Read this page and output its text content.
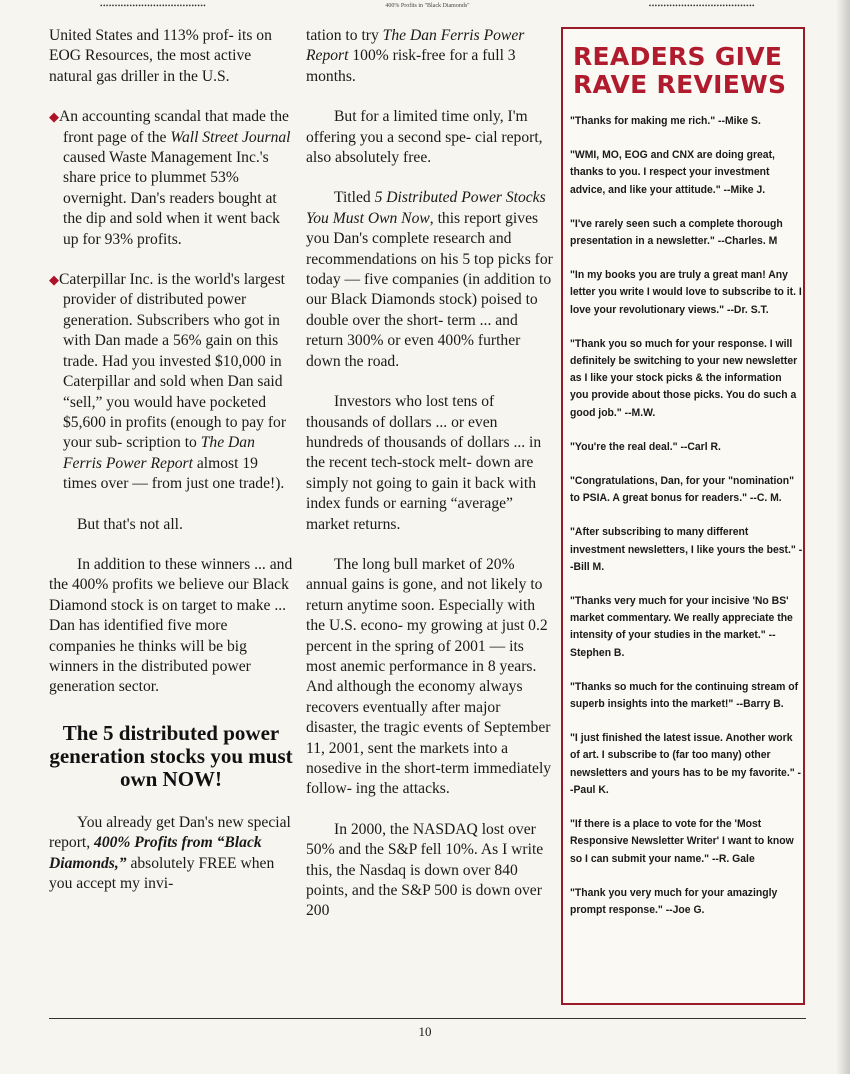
••••••••••••••••••••••••••••••••••••	400% Profits in "Black Diamonds"	••••••••••••••••••••••••••••••••••••

United States and 113% prof- its on EOG Resources, the most active natural gas driller in the U.S.

◆An accounting scandal that made the front page of the Wall Street Journal caused Waste Management Inc.'s share price to plummet 53% overnight. Dan's readers bought at the dip and sold when it went back up for 93% profits.

◆Caterpillar Inc. is the world's largest provider of distributed power generation. Subscribers who got in with Dan made a 56% gain on this trade. Had you invested $10,000 in Caterpillar and sold when Dan said “sell,” you would have pocketed $5,600 in profits (enough to pay for your sub- scription to The Dan Ferris Power Report almost 19 times over — from just one trade!).

But that's not all.

In addition to these winners ... and the 400% profits we believe our Black Diamond stock is on target to make ... Dan has identified five more companies he thinks will be big winners in the distributed power generation sector.

The 5 distributed power generation stocks you must own NOW!

You already get Dan's new special report, 400% Profits from “Black Diamonds,” absolutely FREE when you accept my invi-

tation to try The Dan Ferris Power Report 100% risk-free for a full 3 months.

But for a limited time only, I'm offering you a second spe- cial report, also absolutely free.

Titled 5 Distributed Power Stocks You Must Own Now, this report gives you Dan's complete research and recommendations on his 5 top picks for today — five companies (in addition to our Black Diamonds stock) poised to double over the short- term ... and return 300% or even 400% further down the road.

Investors who lost tens of thousands of dollars ... or even hundreds of thousands of dollars ... in the recent tech-stock melt- down are simply not going to gain it back with index funds or earning “average” market returns.

The long bull market of 20% annual gains is gone, and not likely to return anytime soon. Especially with the U.S. econo- my growing at just 0.2 percent in the spring of 2001 — its most anemic performance in 8 years. And although the economy always recovers eventually after major disaster, the tragic events of September 11, 2001, sent the markets into a nosedive in the short-term immediately follow- ing the attacks.

In 2000, the NASDAQ lost over 50% and the S&P fell 10%. As I write this, the Nasdaq is down over 840 points, and the S&P 500 is down over 200

READERS GIVE
RAVE REVIEWS

"Thanks for making me rich." --Mike S.

"WMI, MO, EOG and CNX are doing great, thanks to you. I respect your investment advice, and like your attitude." --Mike J.

"I've rarely seen such a complete thorough presentation in a newsletter." --Charles. M

"In my books you are truly a great man! Any letter you write I would love to subscribe to it. I love your revolutionary views." --Dr. S.T.

"Thank you so much for your response. I will definitely be switching to your new newsletter as I like your stock picks & the information you provide about those picks. You do such a good job." --M.W.

"You're the real deal." --Carl R.

"Congratulations, Dan, for your "nomination" to PSIA. A great bonus for readers." --C. M.

"After subscribing to many different investment newsletters, I like yours the best." --Bill M.

"Thanks very much for your incisive 'No BS' market commentary. We really appreciate the intensity of your studies in the market." --Stephen B.

"Thanks so much for the continuing stream of superb insights into the market!" --Barry B.

"I just finished the latest issue. Another work of art. I subscribe to (far too many) other newsletters and yours has to be my favorite." --Paul K.

"If there is a place to vote for the 'Most Responsive Newsletter Writer' I want to know so I can submit your name." --R. Gale

"Thank you very much for your amazingly prompt response." --Joe G.

10
